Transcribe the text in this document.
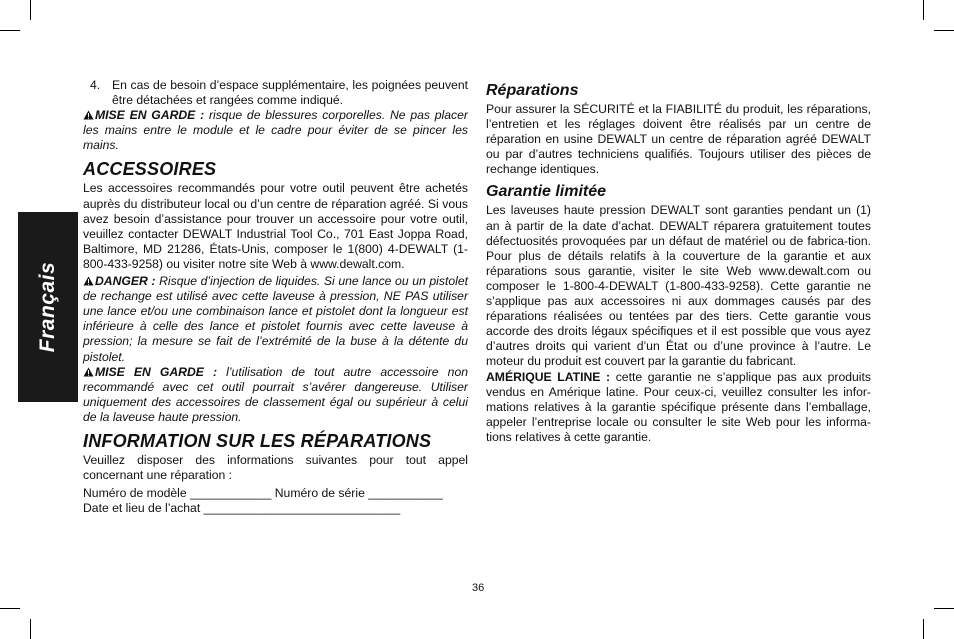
Français
4. En cas de besoin d’espace supplémentaire, les poignées peuvent être détachées et rangées comme indiqué.

MISE EN GARDE : risque de blessures corporelles. Ne pas placer les mains entre le module et le cadre pour éviter de se pincer les mains.

ACCESSOIRES

Les accessoires recommandés pour votre outil peuvent être achetés auprès du distributeur local ou d’un centre de réparation agréé. Si vous avez besoin d’assistance pour trouver un accessoire pour votre outil, veuillez contacter DEWALT Industrial Tool Co., 701 East Joppa Road, Baltimore, MD 21286, États-Unis, composer le 1(800) 4-DEWALT (1-800-433-9258) ou visiter notre site Web à www.dewalt.com.

DANGER : Risque d’injection de liquides. Si une lance ou un pistolet de rechange est utilisé avec cette laveuse à pression, NE PAS utiliser une lance et/ou une combinaison lance et pistolet dont la longueur est inférieure à celle des lance et pistolet fournis avec cette laveuse à pression; la mesure se fait de l’extrémité de la buse à la détente du pistolet.

MISE EN GARDE : l’utilisation de tout autre accessoire non recommandé avec cet outil pourrait s’avérer dangereuse. Utiliser uniquement des accessoires de classement égal ou supérieur à celui de la laveuse haute pression.

INFORMATION SUR LES RÉPARATIONS

Veuillez disposer des informations suivantes pour tout appel concernant une réparation :

Numéro de modèle ____________ Numéro de série ___________

Date et lieu de l’achat _____________________________

Réparations

Pour assurer la SÉCURITÉ et la FIABILITÉ du produit, les réparations, l’entretien et les réglages doivent être réalisés par un centre de réparation en usine DEWALT un centre de réparation agréé DEWALT ou par d’autres techniciens qualifiés. Toujours utiliser des pièces de rechange identiques.

Garantie limitée

Les laveuses haute pression DEWALT sont garanties pendant un (1) an à partir de la date d’achat. DEWALT réparera gratuitement toutes défectuosités provoquées par un défaut de matériel ou de fabrica-tion. Pour plus de détails relatifs à la couverture de la garantie et aux réparations sous garantie, visiter le site Web www.dewalt.com ou composer le 1-800-4-DEWALT (1-800-433-9258). Cette garantie ne s’applique pas aux accessoires ni aux dommages causés par des réparations réalisées ou tentées par des tiers. Cette garantie vous accorde des droits légaux spécifiques et il est possible que vous ayez d’autres droits qui varient d’un État ou d’une province à l’autre. Le moteur du produit est couvert par la garantie du fabricant.

AMÉRIQUE LATINE : cette garantie ne s’applique pas aux produits vendus en Amérique latine. Pour ceux-ci, veuillez consulter les infor-mations relatives à la garantie spécifique présente dans l’emballage, appeler l’entreprise locale ou consulter le site Web pour les informa-tions relatives à cette garantie.

36
